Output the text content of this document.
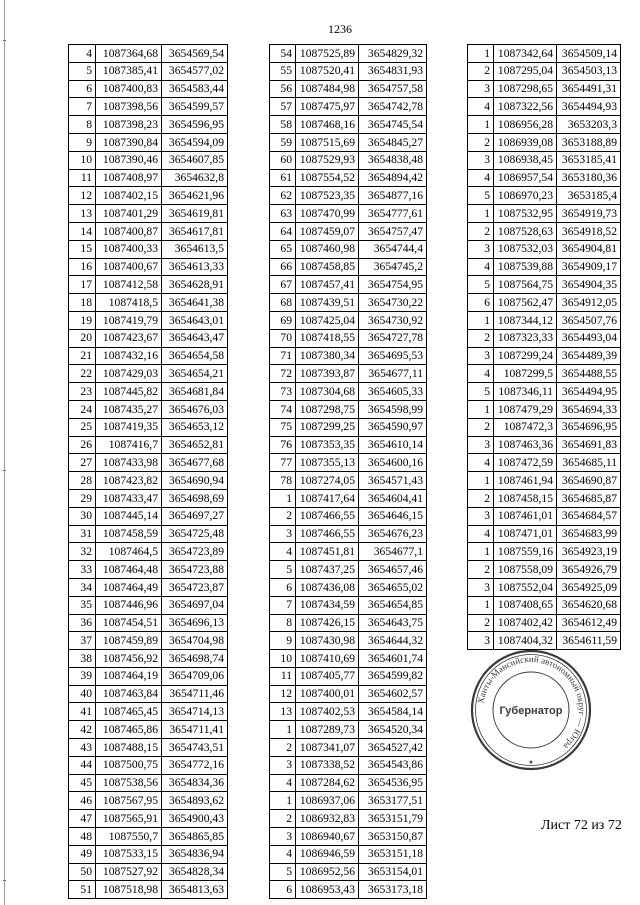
1236
4	1087364,68	3654569,54
5	1087385,41	3654577,02
6	1087400,83	3654583,44
7	1087398,56	3654599,57
8	1087398,23	3654596,95
9	1087390,84	3654594,09
10	1087390,46	3654607,85
11	1087408,97	3654632,8
12	1087402,15	3654621,96
13	1087401,29	3654619,81
14	1087400,87	3654617,81
15	1087400,33	3654613,5
16	1087400,67	3654613,33
17	1087412,58	3654628,91
18	1087418,5	3654641,38
19	1087419,79	3654643,01
20	1087423,67	3654643,47
21	1087432,16	3654654,58
22	1087429,03	3654654,21
23	1087445,82	3654681,84
24	1087435,27	3654676,03
25	1087419,35	3654653,12
26	1087416,7	3654652,81
27	1087433,98	3654677,68
28	1087423,82	3654690,94
29	1087433,47	3654698,69
30	1087445,14	3654697,27
31	1087458,59	3654725,48
32	1087464,5	3654723,89
33	1087464,48	3654723,88
34	1087464,49	3654723,87
35	1087446,96	3654697,04
36	1087454,51	3654696,13
37	1087459,89	3654704,98
38	1087456,92	3654698,74
39	1087464,19	3654709,06
40	1087463,84	3654711,46
41	1087465,45	3654714,13
42	1087465,86	3654711,41
43	1087488,15	3654743,51
44	1087500,75	3654772,16
45	1087538,56	3654834,36
46	1087567,95	3654893,62
47	1087565,91	3654900,43
48	1087550,7	3654865,85
49	1087533,15	3654836,94
50	1087527,92	3654828,34
51	1087518,98	3654813,63
54	1087525,89	3654829,32
55	1087520,41	3654831,93
56	1087484,98	3654757,58
57	1087475,97	3654742,78
58	1087468,16	3654745,54
59	1087515,69	3654845,27
60	1087529,93	3654838,48
61	1087554,52	3654894,42
62	1087523,35	3654877,16
63	1087470,99	3654777,61
64	1087459,07	3654757,47
65	1087460,98	3654744,4
66	1087458,85	3654745,2
67	1087457,41	3654754,95
68	1087439,51	3654730,22
69	1087425,04	3654730,92
70	1087418,55	3654727,78
71	1087380,34	3654695,53
72	1087393,87	3654677,11
73	1087304,68	3654605,33
74	1087298,75	3654598,99
75	1087299,25	3654590,97
76	1087353,35	3654610,14
77	1087355,13	3654600,16
78	1087274,05	3654571,43
1	1087417,64	3654604,41
2	1087466,55	3654646,15
3	1087466,55	3654676,23
4	1087451,81	3654677,1
5	1087437,25	3654657,46
6	1087436,08	3654655,02
7	1087434,59	3654654,85
8	1087426,15	3654643,75
9	1087430,98	3654644,32
10	1087410,69	3654601,74
11	1087405,77	3654599,82
12	1087400,01	3654602,57
13	1087402,53	3654584,14
1	1087289,73	3654520,34
2	1087341,07	3654527,42
3	1087338,52	3654543,86
4	1087284,62	3654536,95
1	1086937,06	3653177,51
2	1086932,83	3653151,79
3	1086940,67	3653150,87
4	1086946,59	3653151,18
5	1086952,56	3653154,01
6	1086953,43	3653173,18
1	1087342,64	3654509,14
2	1087295,04	3654503,13
3	1087298,65	3654491,31
4	1087322,56	3654494,93
1	1086956,28	3653203,3
2	1086939,08	3653188,89
3	1086938,45	3653185,41
4	1086957,54	3653180,36
5	1086970,23	3653185,4
1	1087532,95	3654919,73
2	1087528,63	3654918,52
3	1087532,03	3654904,81
4	1087539,88	3654909,17
5	1087564,75	3654904,35
6	1087562,47	3654912,05
1	1087344,12	3654507,76
2	1087323,33	3654493,04
3	1087299,24	3654489,39
4	1087299,5	3654488,55
5	1087346,11	3654494,95
1	1087479,29	3654694,33
2	1087472,3	3654696,95
3	1087463,36	3654691,83
4	1087472,59	3654685,11
1	1087461,94	3654690,87
2	1087458,15	3654685,87
3	1087461,01	3654684,57
4	1087471,01	3654683,99
1	1087559,16	3654923,19
2	1087558,09	3654926,79
3	1087552,04	3654925,09
1	1087408,65	3654620,68
2	1087402,42	3654612,49
3	1087404,32	3654611,59
Ханты-Мансийский автономный округ — Югра
Губернатор
★
Лист 72 из 72
